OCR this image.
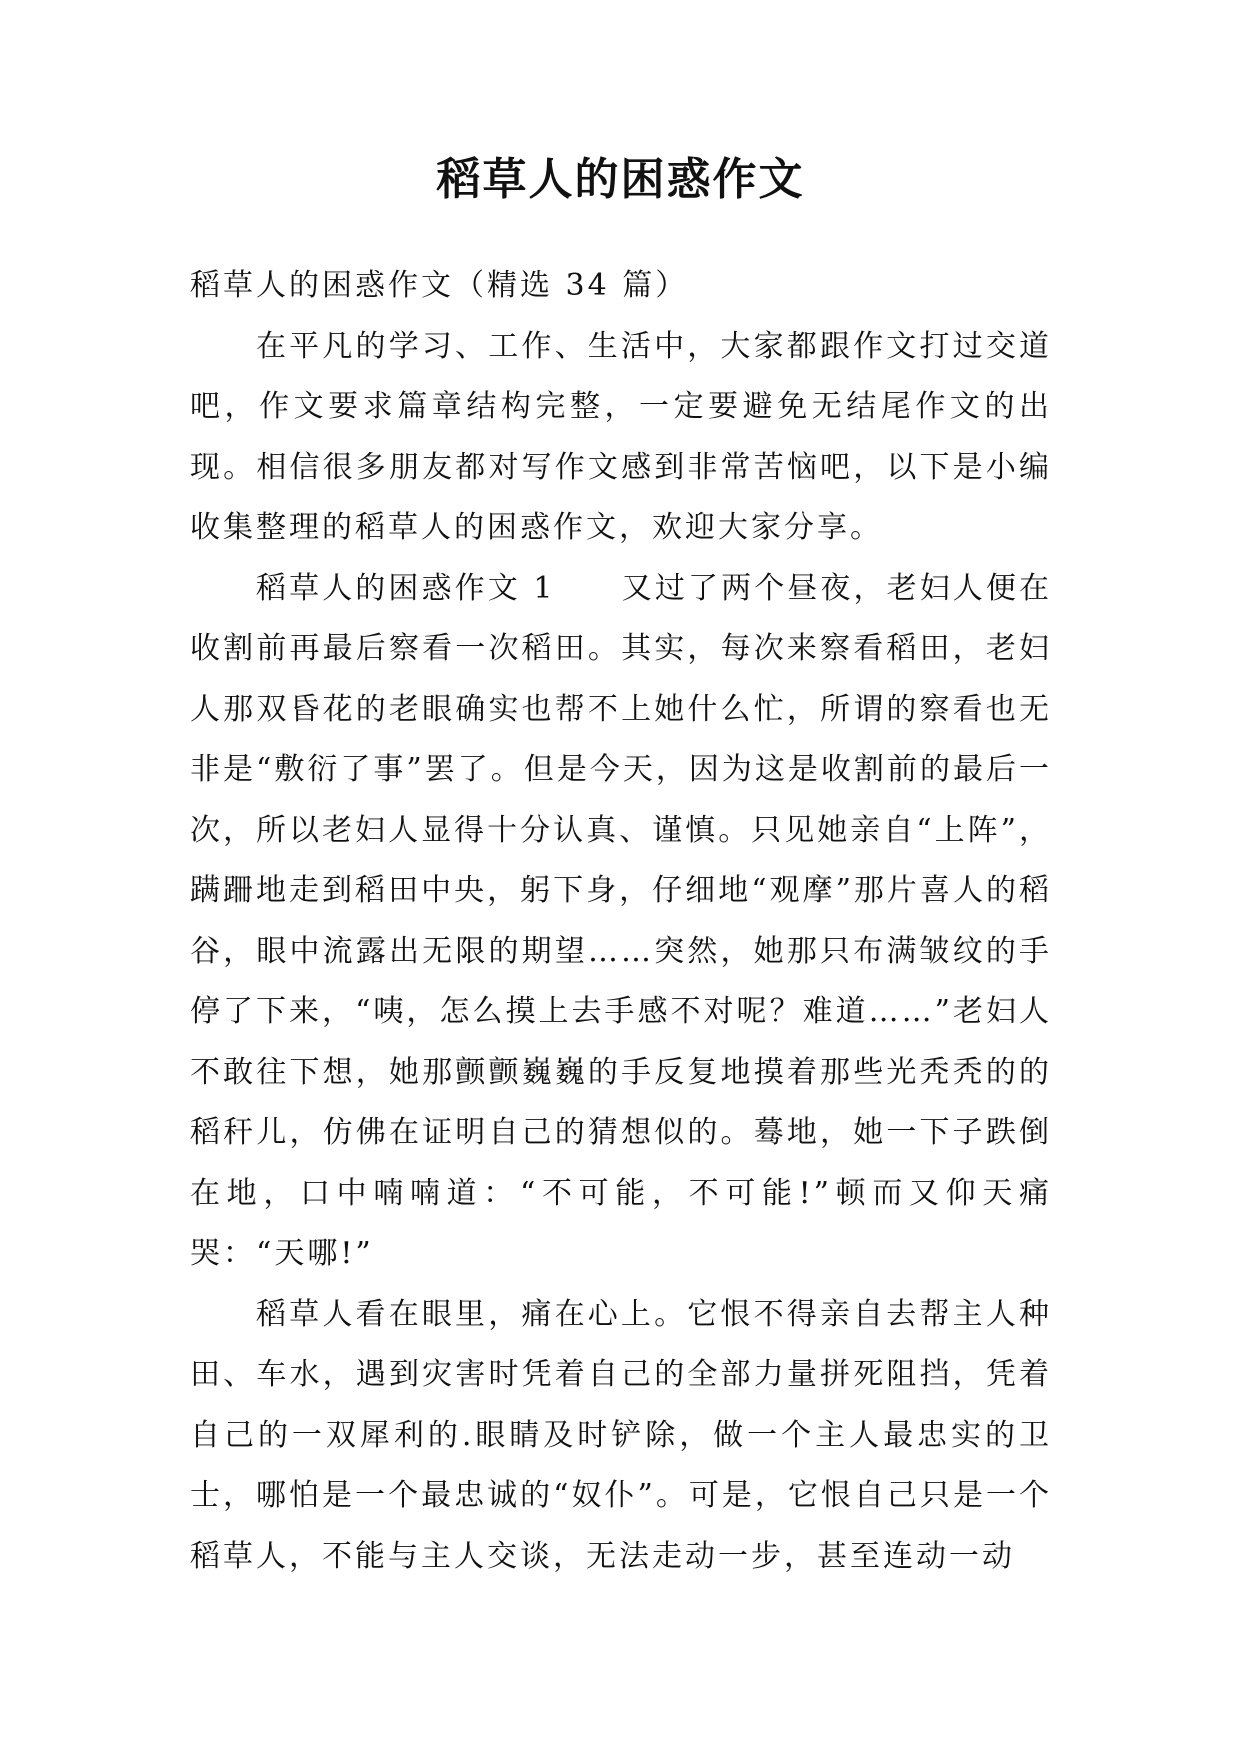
稻草人的困惑作文

稻草人的困惑作文（精选 34 篇）

在平凡的学习、工作、生活中，大家都跟作文打过交道吧，作文要求篇章结构完整，一定要避免无结尾作文的出现。相信很多朋友都对写作文感到非常苦恼吧，以下是小编收集整理的稻草人的困惑作文，欢迎大家分享。

稻草人的困惑作文 1　　又过了两个昼夜，老妇人便在收割前再最后察看一次稻田。其实，每次来察看稻田，老妇人那双昏花的老眼确实也帮不上她什么忙，所谓的察看也无非是“敷衍了事”罢了。但是今天，因为这是收割前的最后一次，所以老妇人显得十分认真、谨慎。只见她亲自“上阵”，蹒跚地走到稻田中央，躬下身，仔细地“观摩”那片喜人的稻谷，眼中流露出无限的期望……突然，她那只布满皱纹的手停了下来，“咦，怎么摸上去手感不对呢？难道……”老妇人不敢往下想，她那颤颤巍巍的手反复地摸着那些光秃秃的的稻秆儿，仿佛在证明自己的猜想似的。蓦地，她一下子跌倒在地，口中喃喃道：“不可能，不可能!”顿而又仰天痛哭：“天哪!”

稻草人看在眼里，痛在心上。它恨不得亲自去帮主人种田、车水，遇到灾害时凭着自己的全部力量拼死阻挡，凭着自己的一双犀利的.眼睛及时铲除，做一个主人最忠实的卫士，哪怕是一个最忠诚的“奴仆”。可是，它恨自己只是一个稻草人，不能与主人交谈，无法走动一步，甚至连动一动
